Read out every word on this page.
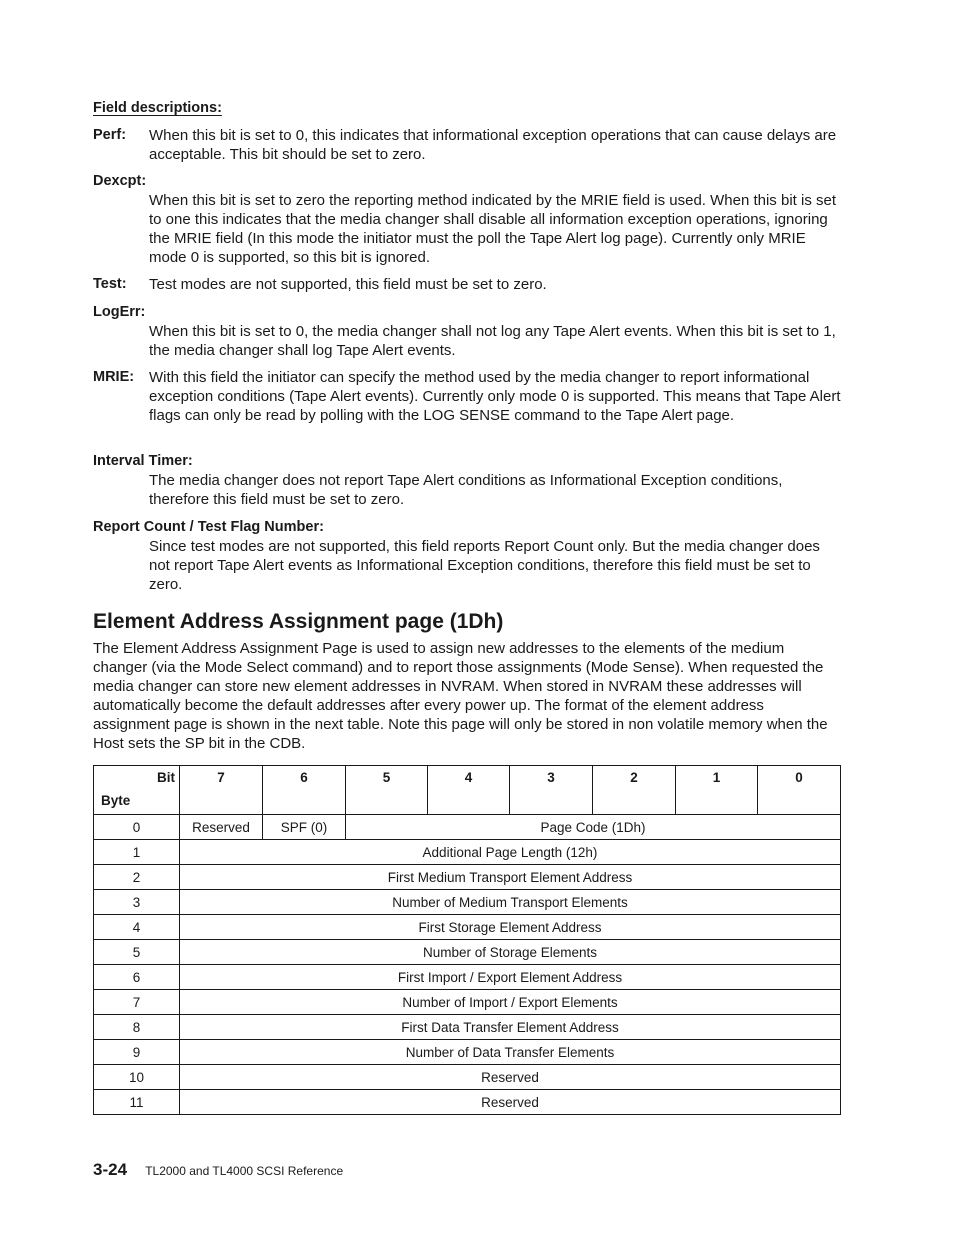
Field descriptions:
Perf: When this bit is set to 0, this indicates that informational exception operations that can cause delays are acceptable. This bit should be set to zero.
Dexcpt:
When this bit is set to zero the reporting method indicated by the MRIE field is used. When this bit is set to one this indicates that the media changer shall disable all information exception operations, ignoring the MRIE field (In this mode the initiator must the poll the Tape Alert log page). Currently only MRIE mode 0 is supported, so this bit is ignored.
Test: Test modes are not supported, this field must be set to zero.
LogErr:
When this bit is set to 0, the media changer shall not log any Tape Alert events. When this bit is set to 1, the media changer shall log Tape Alert events.
MRIE: With this field the initiator can specify the method used by the media changer to report informational exception conditions (Tape Alert events). Currently only mode 0 is supported. This means that Tape Alert flags can only be read by polling with the LOG SENSE command to the Tape Alert page.
Interval Timer:
The media changer does not report Tape Alert conditions as Informational Exception conditions, therefore this field must be set to zero.
Report Count / Test Flag Number:
Since test modes are not supported, this field reports Report Count only. But the media changer does not report Tape Alert events as Informational Exception conditions, therefore this field must be set to zero.
Element Address Assignment page (1Dh)

The Element Address Assignment Page is used to assign new addresses to the elements of the medium changer (via the Mode Select command) and to report those assignments (Mode Sense). When requested the media changer can store new element addresses in NVRAM. When stored in NVRAM these addresses will automatically become the default addresses after every power up. The format of the element address assignment page is shown in the next table. Note this page will only be stored in non volatile memory when the Host sets the SP bit in the CDB.

Bit
Byte	7	6	5	4	3	2	1	0
0	Reserved	SPF (0)	Page Code (1Dh)					
1	Additional Page Length (12h)							
2	First Medium Transport Element Address							
3	Number of Medium Transport Elements							
4	First Storage Element Address							
5	Number of Storage Elements							
6	First Import / Export Element Address							
7	Number of Import / Export Elements							
8	First Data Transfer Element Address							
9	Number of Data Transfer Elements							
10	Reserved							
11	Reserved							
3-24 TL2000 and TL4000 SCSI Reference
